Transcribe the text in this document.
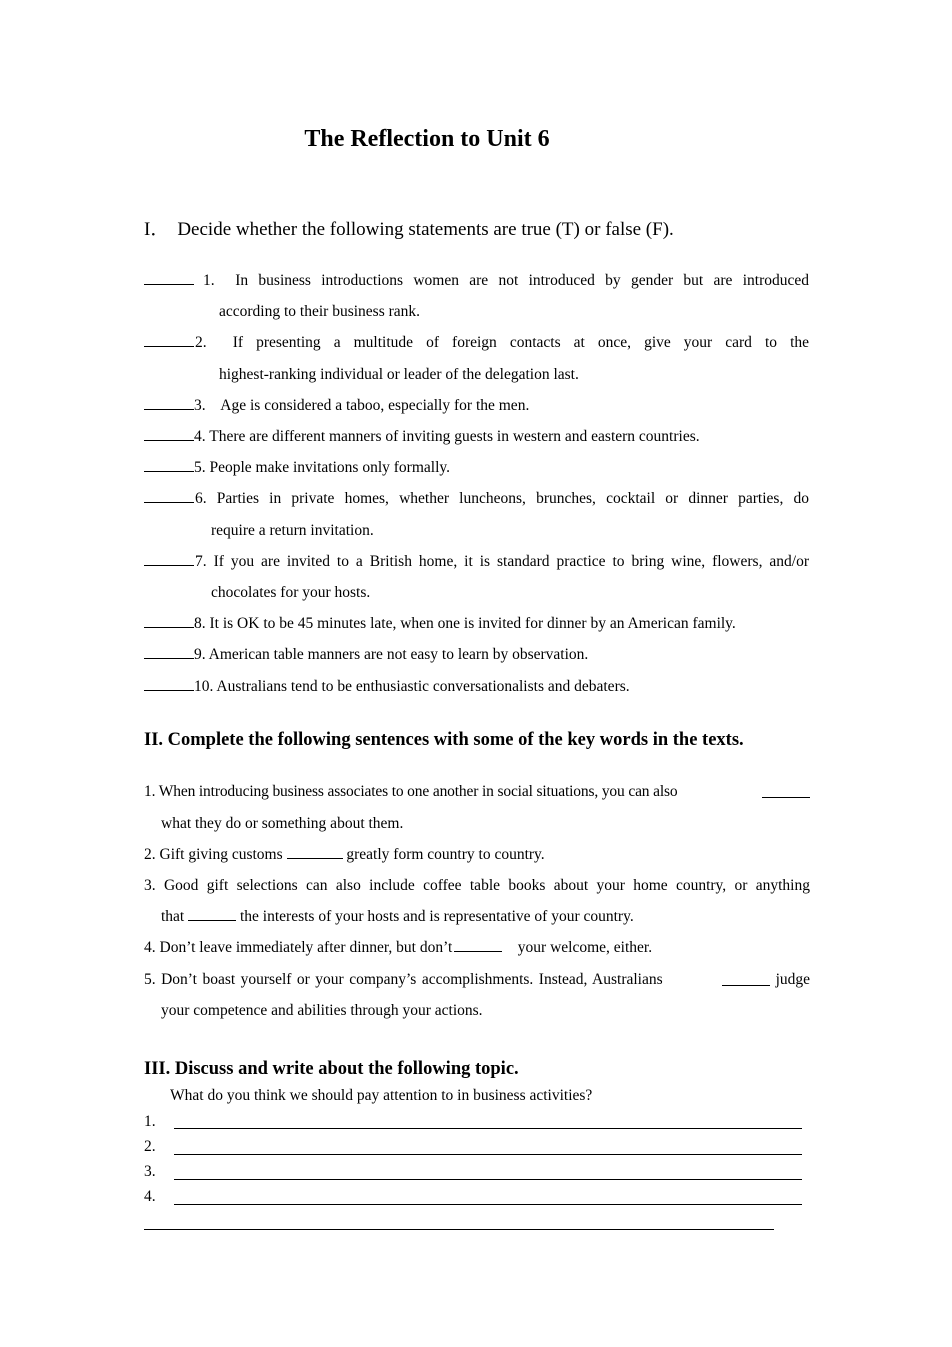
The Reflection to Unit 6
I． Decide whether the following statements are true (T) or false (F).
1. In business introductions women are not introduced by gender but are introduced
according to their business rank.
2. If presenting a multitude of foreign contacts at once, give your card to the
highest-ranking individual or leader of the delegation last.
3. Age is considered a taboo, especially for the men.
4. There are different manners of inviting guests in western and eastern countries.
5. People make invitations only formally.
6. Parties in private homes, whether luncheons, brunches, cocktail or dinner parties, do
require a return invitation.
7. If you are invited to a British home, it is standard practice to bring wine, flowers, and/or
chocolates for your hosts.
8. It is OK to be 45 minutes late, when one is invited for dinner by an American family.
9. American table manners are not easy to learn by observation.
10. Australians tend to be enthusiastic conversationalists and debaters.
II. Complete the following sentences with some of the key words in the texts.
1. When introducing business associates to one another in social situations, you can also
what they do or something about them.
2. Gift giving customs	greatly form country to country.
3. Good gift selections can also include coffee table books about your home country, or anything
that	the interests of your hosts and is representative of your country.
4. Don’t leave immediately after dinner, but don’t	your welcome, either.
5. Don’t boast yourself or your company’s accomplishments. Instead, Australians	judge
your competence and abilities through your actions.
III. Discuss and write about the following topic.
What do you think we should pay attention to in business activities?
1.
2.
3.
4.
